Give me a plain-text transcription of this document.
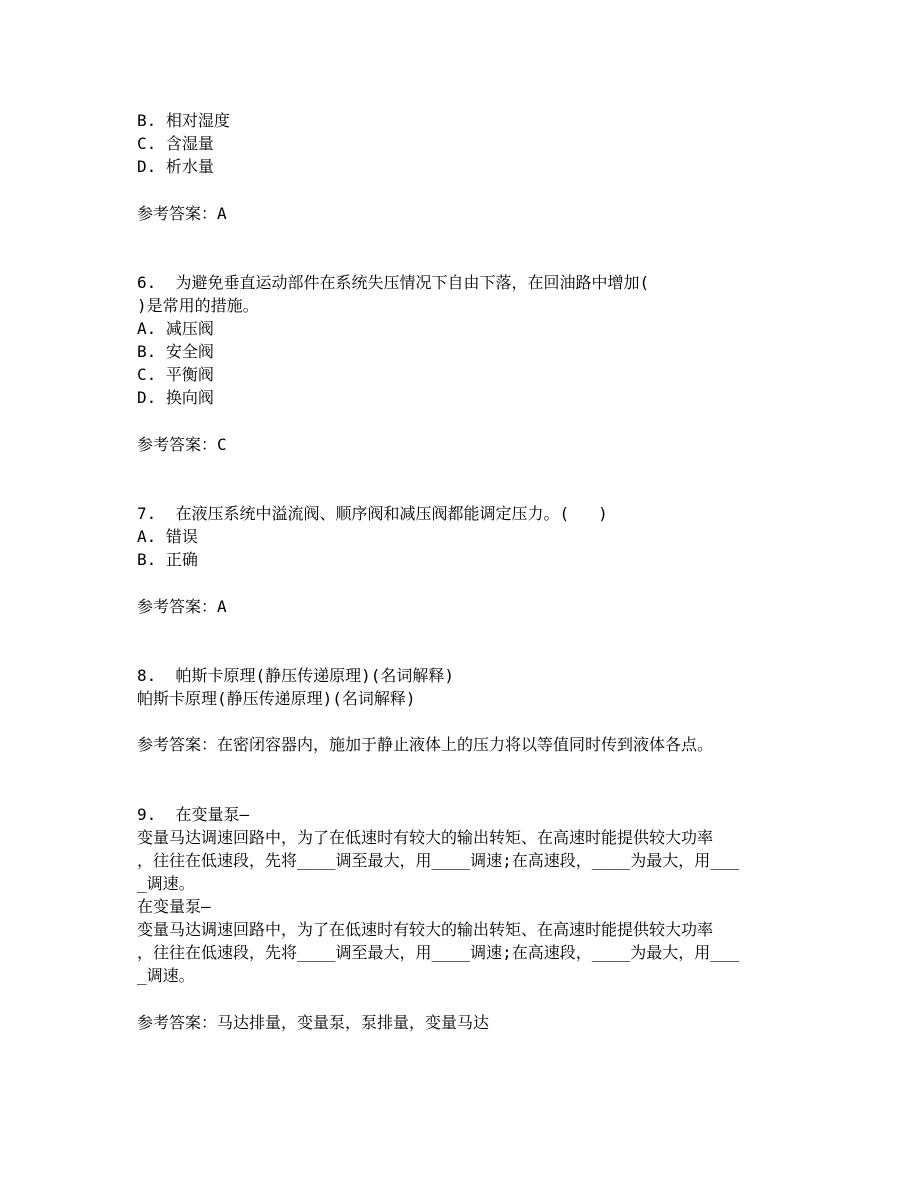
B. 相对湿度
C. 含湿量
D. 析水量
参考答案：A
6.  为避免垂直运动部件在系统失压情况下自由下落，在回油路中增加(
)是常用的措施。
A. 减压阀
B. 安全阀
C. 平衡阀
D. 换向阀
参考答案：C
7.  在液压系统中溢流阀、顺序阀和减压阀都能调定压力。(   )
A. 错误
B. 正确
参考答案：A
8.  帕斯卡原理(静压传递原理)(名词解释)
帕斯卡原理(静压传递原理)(名词解释)
参考答案：在密闭容器内，施加于静止液体上的压力将以等值同时传到液体各点。
9.  在变量泵—
变量马达调速回路中，为了在低速时有较大的输出转矩、在高速时能提供较大功率
，往往在低速段，先将____调至最大，用____调速;在高速段，____为最大，用___
_调速。
在变量泵—
变量马达调速回路中，为了在低速时有较大的输出转矩、在高速时能提供较大功率
，往往在低速段，先将____调至最大，用____调速;在高速段，____为最大，用___
_调速。
参考答案：马达排量，变量泵，泵排量，变量马达
